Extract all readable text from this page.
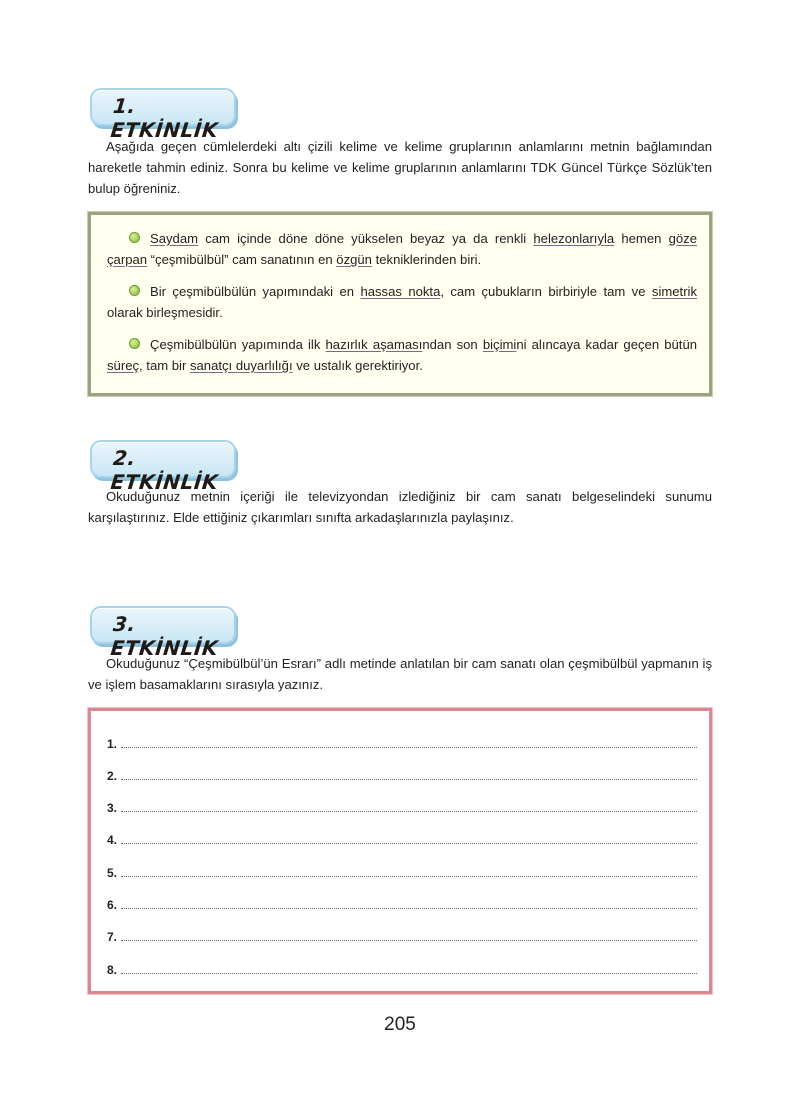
1. ETKİNLİK
Aşağıda geçen cümlelerdeki altı çizili kelime ve kelime gruplarının anlamlarını metnin bağlamından hareketle tahmin ediniz. Sonra bu kelime ve kelime gruplarının anlamlarını TDK Güncel Türkçe Sözlük’ten bulup öğreniniz.
Saydam cam içinde döne döne yükselen beyaz ya da renkli helezonlarıyla hemen göze çarpan “çeşmibülbül” cam sanatının en özgün tekniklerinden biri.
Bir çeşmibülbülün yapımındaki en hassas nokta, cam çubukların birbiriyle tam ve simetrik olarak birleşmesidir.
Çeşmibülbülün yapımında ilk hazırlık aşamasından son biçimini alıncaya kadar geçen bütün süreç, tam bir sanatçı duyarlılığı ve ustalık gerektiriyor.
2. ETKİNLİK
Okuduğunuz metnin içeriği ile televizyondan izlediğiniz bir cam sanatı belgeselindeki sunumu karşılaştırınız. Elde ettiğiniz çıkarımları sınıfta arkadaşlarınızla paylaşınız.
3. ETKİNLİK
Okuduğunuz “Çeşmibülbül’ün Esrarı” adlı metinde anlatılan bir cam sanatı olan çeşmibülbül yapmanın iş ve işlem basamaklarını sırasıyla yazınız.
1.
2.
3.
4.
5.
6.
7.
8.
205
